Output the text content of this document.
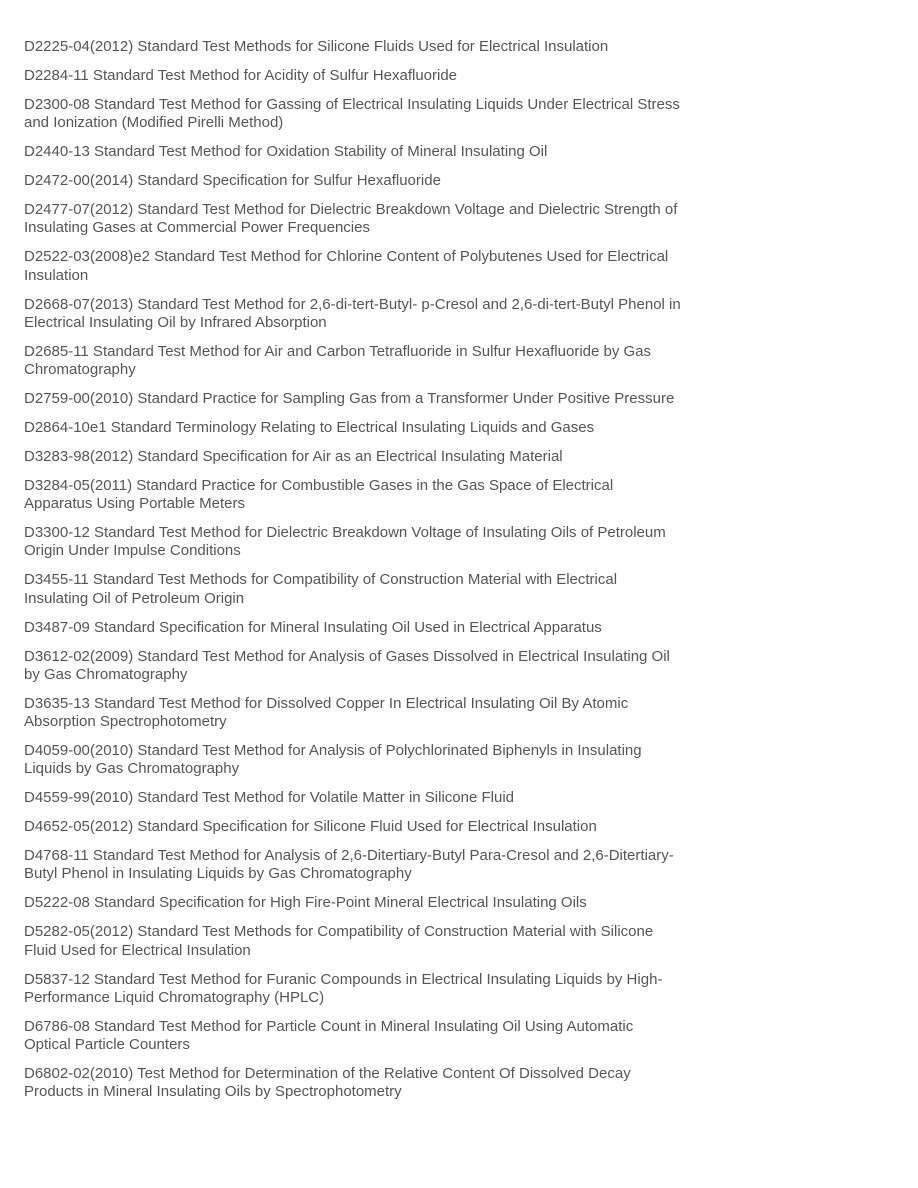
D2225-04(2012) Standard Test Methods for Silicone Fluids Used for Electrical Insulation
D2284-11 Standard Test Method for Acidity of Sulfur Hexafluoride
D2300-08 Standard Test Method for Gassing of Electrical Insulating Liquids Under Electrical Stress and Ionization (Modified Pirelli Method)
D2440-13 Standard Test Method for Oxidation Stability of Mineral Insulating Oil
D2472-00(2014) Standard Specification for Sulfur Hexafluoride
D2477-07(2012) Standard Test Method for Dielectric Breakdown Voltage and Dielectric Strength of Insulating Gases at Commercial Power Frequencies
D2522-03(2008)e2 Standard Test Method for Chlorine Content of Polybutenes Used for Electrical Insulation
D2668-07(2013) Standard Test Method for 2,6-di-tert-Butyl- p-Cresol and 2,6-di-tert-Butyl Phenol in Electrical Insulating Oil by Infrared Absorption
D2685-11 Standard Test Method for Air and Carbon Tetrafluoride in Sulfur Hexafluoride by Gas Chromatography
D2759-00(2010) Standard Practice for Sampling Gas from a Transformer Under Positive Pressure
D2864-10e1 Standard Terminology Relating to Electrical Insulating Liquids and Gases
D3283-98(2012) Standard Specification for Air as an Electrical Insulating Material
D3284-05(2011) Standard Practice for Combustible Gases in the Gas Space of Electrical Apparatus Using Portable Meters
D3300-12 Standard Test Method for Dielectric Breakdown Voltage of Insulating Oils of Petroleum Origin Under Impulse Conditions
D3455-11 Standard Test Methods for Compatibility of Construction Material with Electrical Insulating Oil of Petroleum Origin
D3487-09 Standard Specification for Mineral Insulating Oil Used in Electrical Apparatus
D3612-02(2009) Standard Test Method for Analysis of Gases Dissolved in Electrical Insulating Oil by Gas Chromatography
D3635-13 Standard Test Method for Dissolved Copper In Electrical Insulating Oil By Atomic Absorption Spectrophotometry
D4059-00(2010) Standard Test Method for Analysis of Polychlorinated Biphenyls in Insulating Liquids by Gas Chromatography
D4559-99(2010) Standard Test Method for Volatile Matter in Silicone Fluid
D4652-05(2012) Standard Specification for Silicone Fluid Used for Electrical Insulation
D4768-11 Standard Test Method for Analysis of 2,6-Ditertiary-Butyl Para-Cresol and 2,6-Ditertiary-Butyl Phenol in Insulating Liquids by Gas Chromatography
D5222-08 Standard Specification for High Fire-Point Mineral Electrical Insulating Oils
D5282-05(2012) Standard Test Methods for Compatibility of Construction Material with Silicone Fluid Used for Electrical Insulation
D5837-12 Standard Test Method for Furanic Compounds in Electrical Insulating Liquids by High-Performance Liquid Chromatography (HPLC)
D6786-08 Standard Test Method for Particle Count in Mineral Insulating Oil Using Automatic Optical Particle Counters
D6802-02(2010) Test Method for Determination of the Relative Content Of Dissolved Decay Products in Mineral Insulating Oils by Spectrophotometry
